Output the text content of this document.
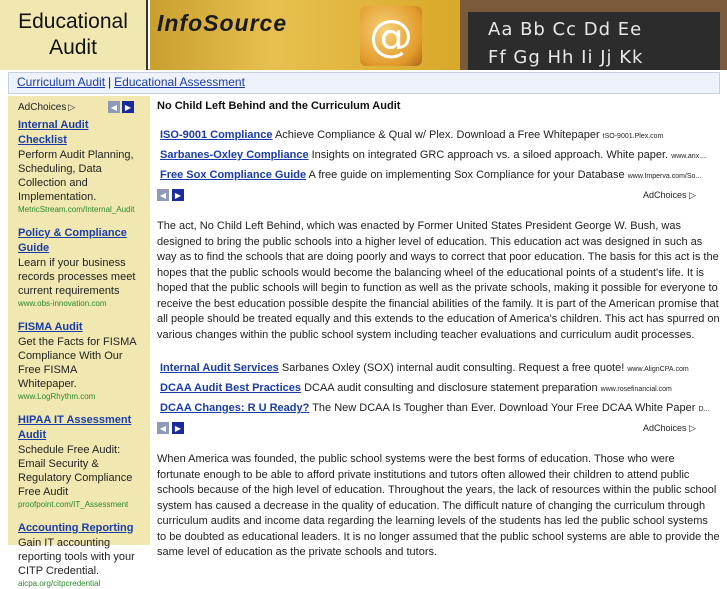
Educational
Audit
InfoSource @	Aa Bb Cc Dd Ee
Ff Gg Hh Ii Jj Kk
Curriculum Audit | Educational Assessment
AdChoices ▷	◀ ▶
Internal Audit Checklist
Perform Audit Planning, Scheduling, Data Collection and Implementation.
MetricStream.com/Internal_Audit
Policy & Compliance Guide
Learn if your business records processes meet current requirements
www.obs-innovation.com
FISMA Audit
Get the Facts for FISMA Compliance With Our Free FISMA Whitepaper.
www.LogRhythm.com
HIPAA IT Assessment Audit
Schedule Free Audit: Email Security & Regulatory Compliance Free Audit
proofpoint.com/IT_Assessment
Accounting Reporting
Gain IT accounting reporting tools with your CITP Credential.
aicpa.org/citpcredential
No Child Left Behind and the Curriculum Audit
ISO-9001 Compliance Achieve Compliance & Qual w/ Plex. Download a Free Whitepaper ISO-9001.Plex.com
Sarbanes-Oxley Compliance Insights on integrated GRC approach vs. a siloed approach. White paper. www.anx....
Free Sox Compliance Guide A free guide on implementing Sox Compliance for your Database www.Imperva.com/So...
◀	▶	AdChoices ▷

The act, No Child Left Behind, which was enacted by Former United States President George W. Bush, was designed to bring the public schools into a higher level of education. This education act was designed in such as way as to find the schools that are doing poorly and ways to correct that poor education. The basis for this act is the hopes that the public schools would become the balancing wheel of the educational points of a student's life. It is hoped that the public schools will begin to function as well as the private schools, making it possible for everyone to receive the best education possible despite the financial abilities of the family. It is part of the American promise that all people should be treated equally and this extends to the education of America's children. This act has spurred on various changes within the public school system including teacher evaluations and curriculum audit processes.

Internal Audit Services Sarbanes Oxley (SOX) internal audit consulting. Request a free quote! www.AlignCPA.com
DCAA Audit Best Practices DCAA audit consulting and disclosure statement preparation www.rosefinancial.com
DCAA Changes: R U Ready? The New DCAA Is Tougher than Ever. Download Your Free DCAA White Paper D...
◀	▶	AdChoices ▷

When America was founded, the public school systems were the best forms of education. Those who were fortunate enough to be able to afford private institutions and tutors often allowed their children to attend public schools because of the high level of education. Throughout the years, the lack of resources within the public school system has caused a decrease in the quality of education. The difficult nature of changing the curriculum through curriculum audits and income data regarding the learning levels of the students has led the public school systems to be doubted as educational leaders. It is no longer assumed that the public school systems are able to provide the same level of education as the private schools and tutors.
